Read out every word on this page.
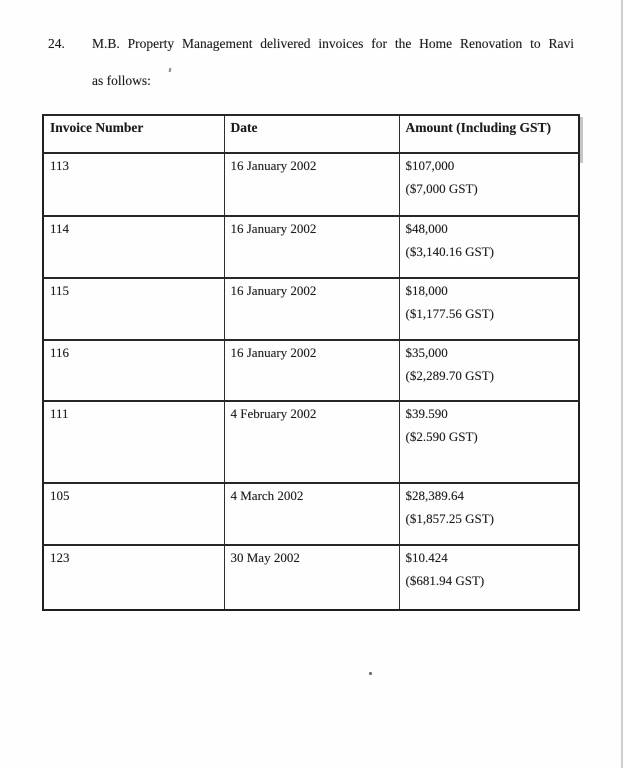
24. M.B. Property Management delivered invoices for the Home Renovation to Ravi
as follows:
Invoice Number	Date	Amount (Including GST)
113	16 January 2002	$107,000
($7,000 GST)

114	16 January 2002	$48,000
($3,140.16 GST)

115	16 January 2002	$18,000
($1,177.56 GST)

116	16 January 2002	$35,000
($2,289.70 GST)

111	4 February 2002	$39.590
($2.590 GST)

105	4 March 2002	$28,389.64
($1,857.25 GST)

123	30 May 2002	$10.424
($681.94 GST)
